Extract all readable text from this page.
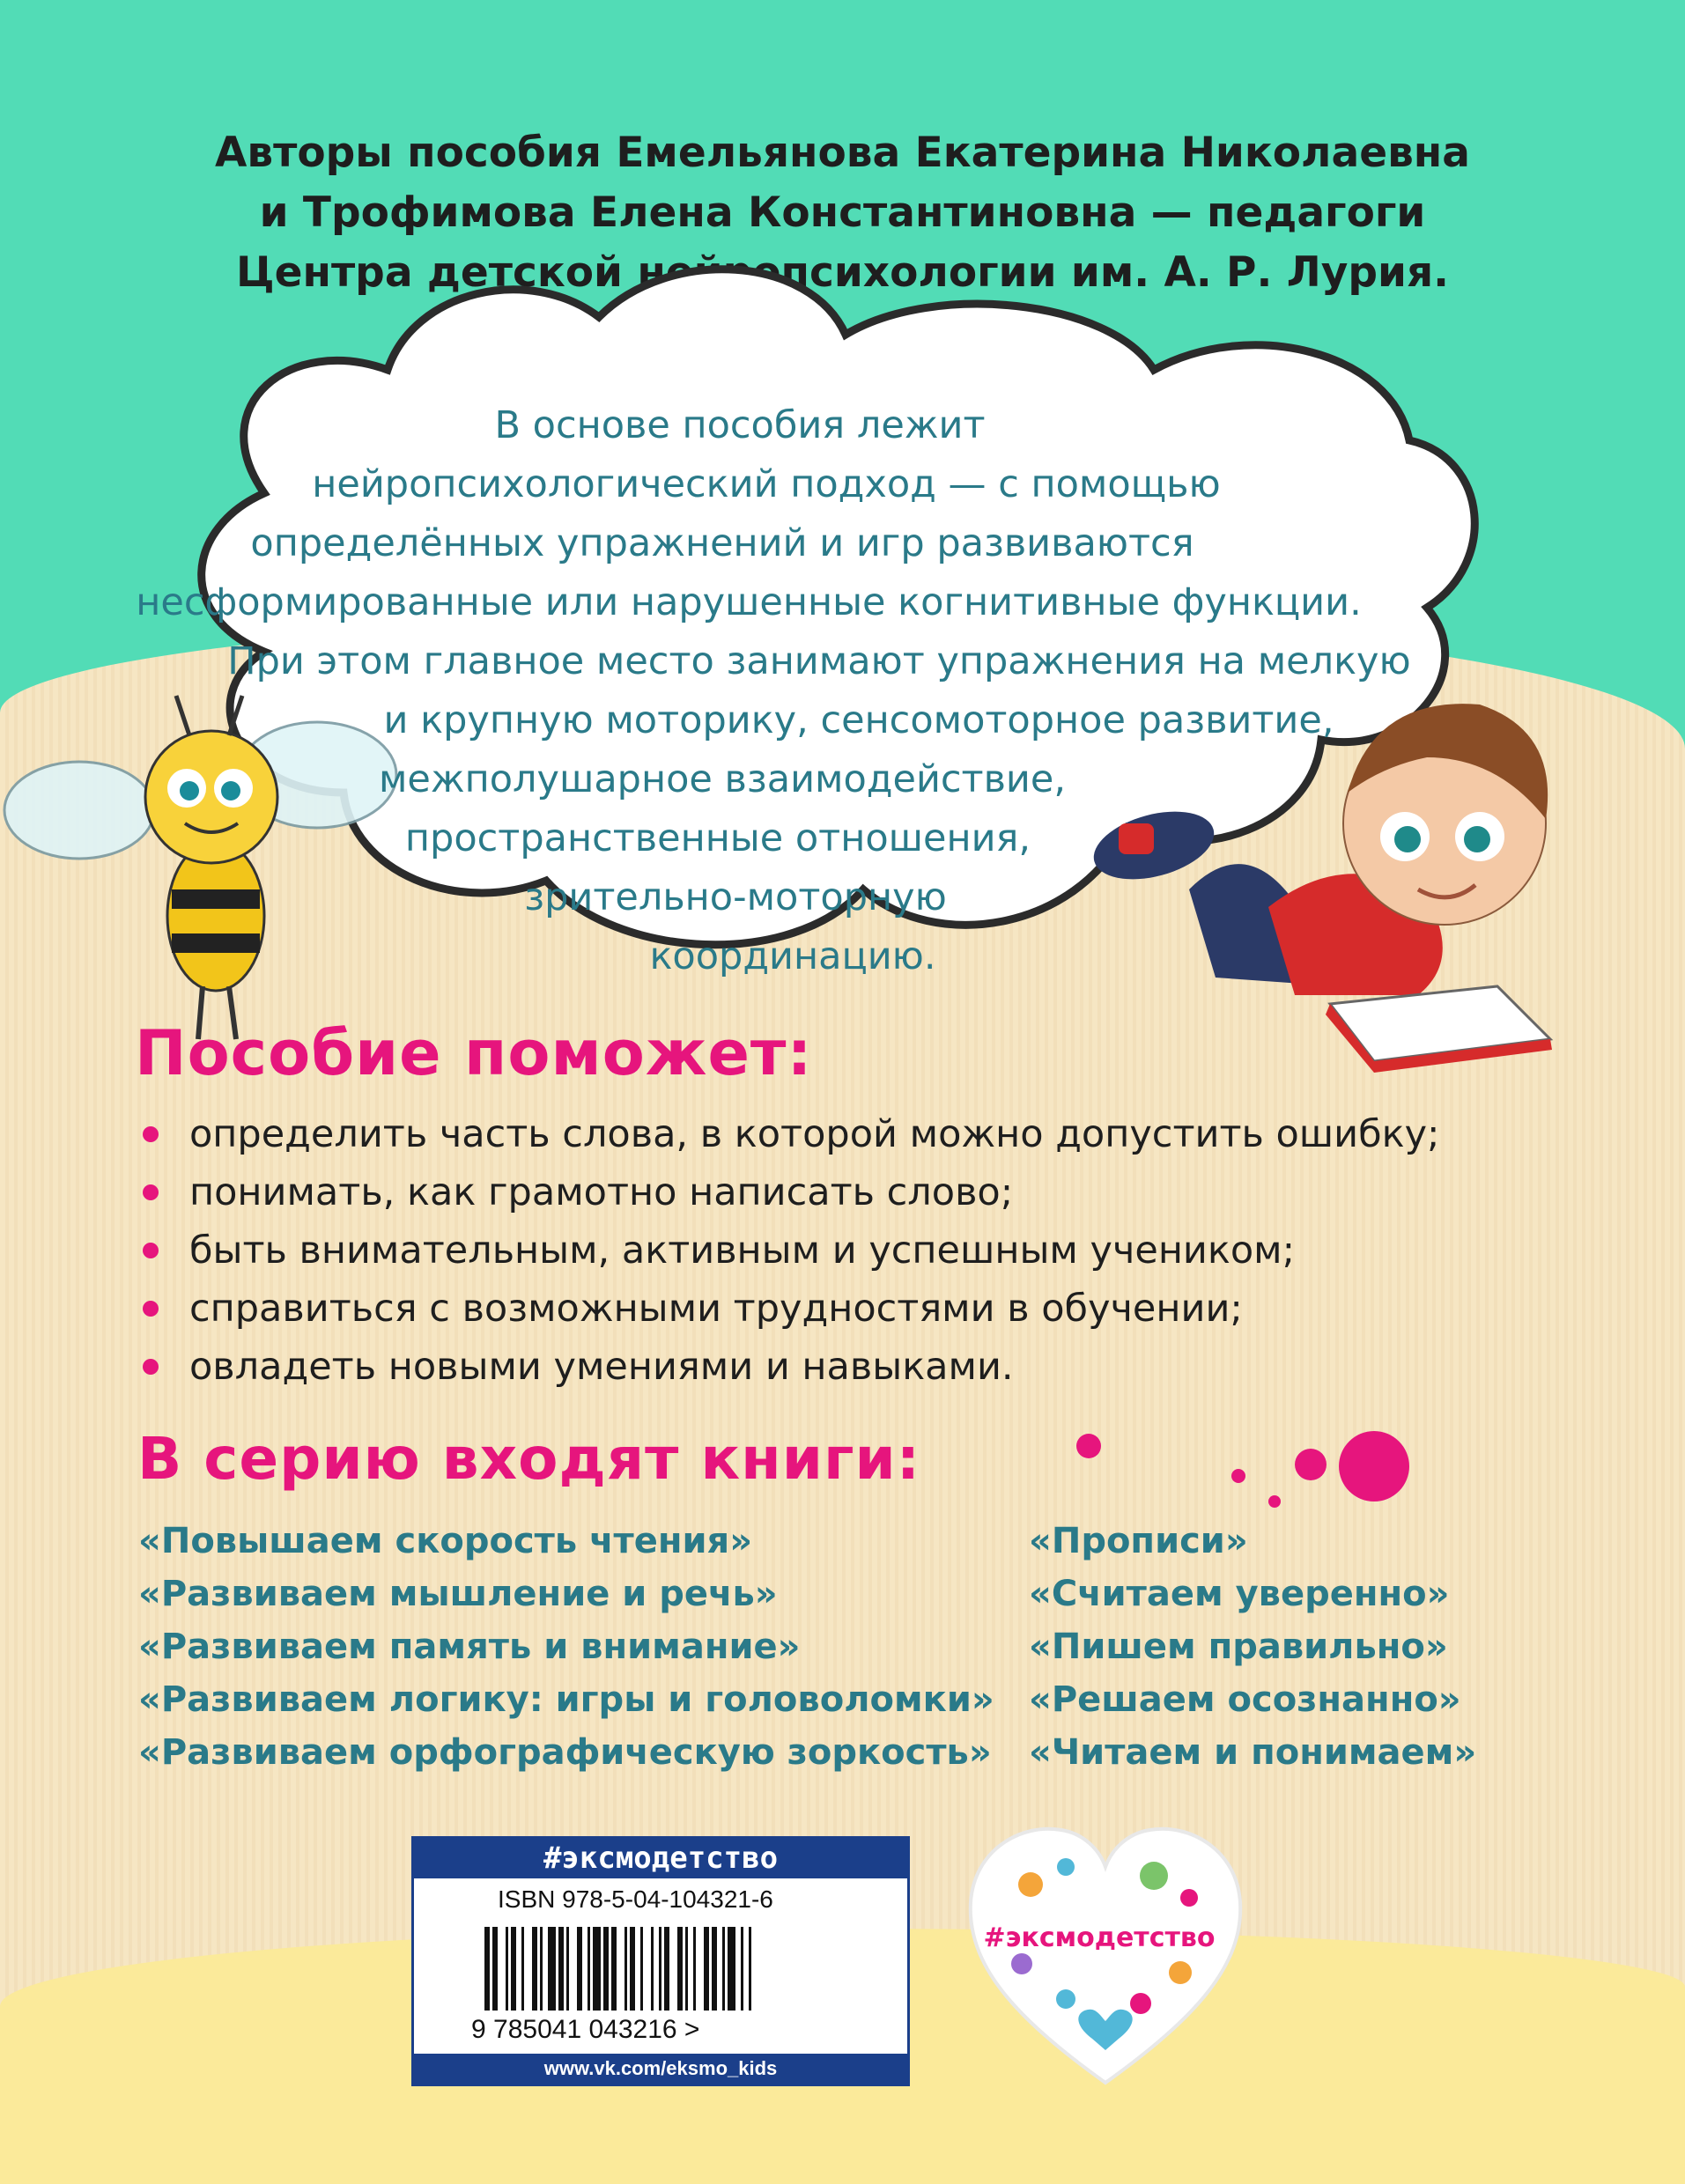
Авторы пособия Емельянова Екатерина Николаевна
и Трофимова Елена Константиновна — педагоги
Центра детской нейропсихологии им. А. Р. Лурия.
В основе пособия лежит
нейропсихологический подход — с помощью
определённых упражнений и игр развиваются
несформированные или нарушенные когнитивные функции.
При этом главное место занимают упражнения на мелкую
и крупную моторику, сенсомоторное развитие,
межполушарное взаимодействие,
пространственные отношения,
зрительно-моторную
координацию.
Пособие поможет:
определить часть слова, в которой можно допустить ошибку;
понимать, как грамотно написать слово;
быть внимательным, активным и успешным учеником;
справиться с возможными трудностями в обучении;
овладеть новыми умениями и навыками.
В серию входят книги:
«Повышаем скорость чтения»
«Развиваем мышление и речь»
«Развиваем память и внимание»
«Развиваем логику: игры и головоломки»
«Развиваем орфографическую зоркость»
«Прописи»
«Считаем уверенно»
«Пишем правильно»
«Решаем осознанно»
«Читаем и понимаем»
#эксмодетство
ISBN 978-5-04-104321-6
9 785041 043216 >
www.vk.com/eksmo_kids
#эксмодетство
